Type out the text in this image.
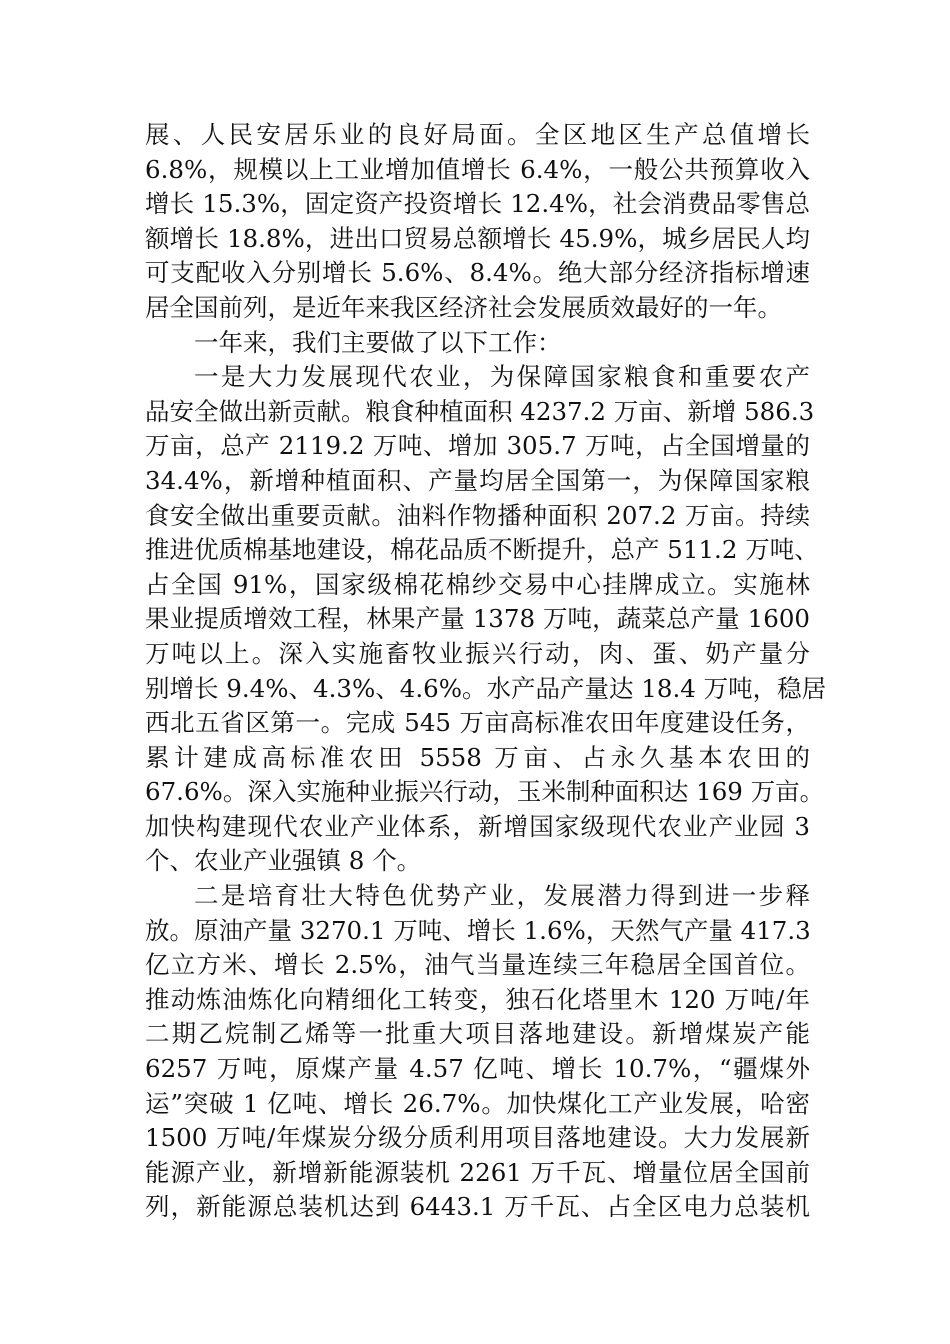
展、人民安居乐业的良好局面。全区地区生产总值增长
6.8%，规模以上工业增加值增长 6.4%，一般公共预算收入
增长 15.3%，固定资产投资增长 12.4%，社会消费品零售总
额增长 18.8%，进出口贸易总额增长 45.9%，城乡居民人均
可支配收入分别增长 5.6%、8.4%。绝大部分经济指标增速
居全国前列，是近年来我区经济社会发展质效最好的一年。
一年来，我们主要做了以下工作：
一是大力发展现代农业，为保障国家粮食和重要农产
品安全做出新贡献。粮食种植面积 4237.2 万亩、新增 586.3
万亩，总产 2119.2 万吨、增加 305.7 万吨，占全国增量的
34.4%，新增种植面积、产量均居全国第一，为保障国家粮
食安全做出重要贡献。油料作物播种面积 207.2 万亩。持续
推进优质棉基地建设，棉花品质不断提升，总产 511.2 万吨、
占全国 91%，国家级棉花棉纱交易中心挂牌成立。实施林
果业提质增效工程，林果产量 1378 万吨，蔬菜总产量 1600
万吨以上。深入实施畜牧业振兴行动，肉、蛋、奶产量分
别增长 9.4%、4.3%、4.6%。水产品产量达 18.4 万吨，稳居
西北五省区第一。完成 545 万亩高标准农田年度建设任务，
累计建成高标准农田 5558 万亩、占永久基本农田的
67.6%。深入实施种业振兴行动，玉米制种面积达 169 万亩。
加快构建现代农业产业体系，新增国家级现代农业产业园 3
个、农业产业强镇 8 个。
二是培育壮大特色优势产业，发展潜力得到进一步释
放。原油产量 3270.1 万吨、增长 1.6%，天然气产量 417.3
亿立方米、增长 2.5%，油气当量连续三年稳居全国首位。
推动炼油炼化向精细化工转变，独石化塔里木 120 万吨/年
二期乙烷制乙烯等一批重大项目落地建设。新增煤炭产能
6257 万吨，原煤产量 4.57 亿吨、增长 10.7%，“疆煤外
运”突破 1 亿吨、增长 26.7%。加快煤化工产业发展，哈密
1500 万吨/年煤炭分级分质利用项目落地建设。大力发展新
能源产业，新增新能源装机 2261 万千瓦、增量位居全国前
列，新能源总装机达到 6443.1 万千瓦、占全区电力总装机
